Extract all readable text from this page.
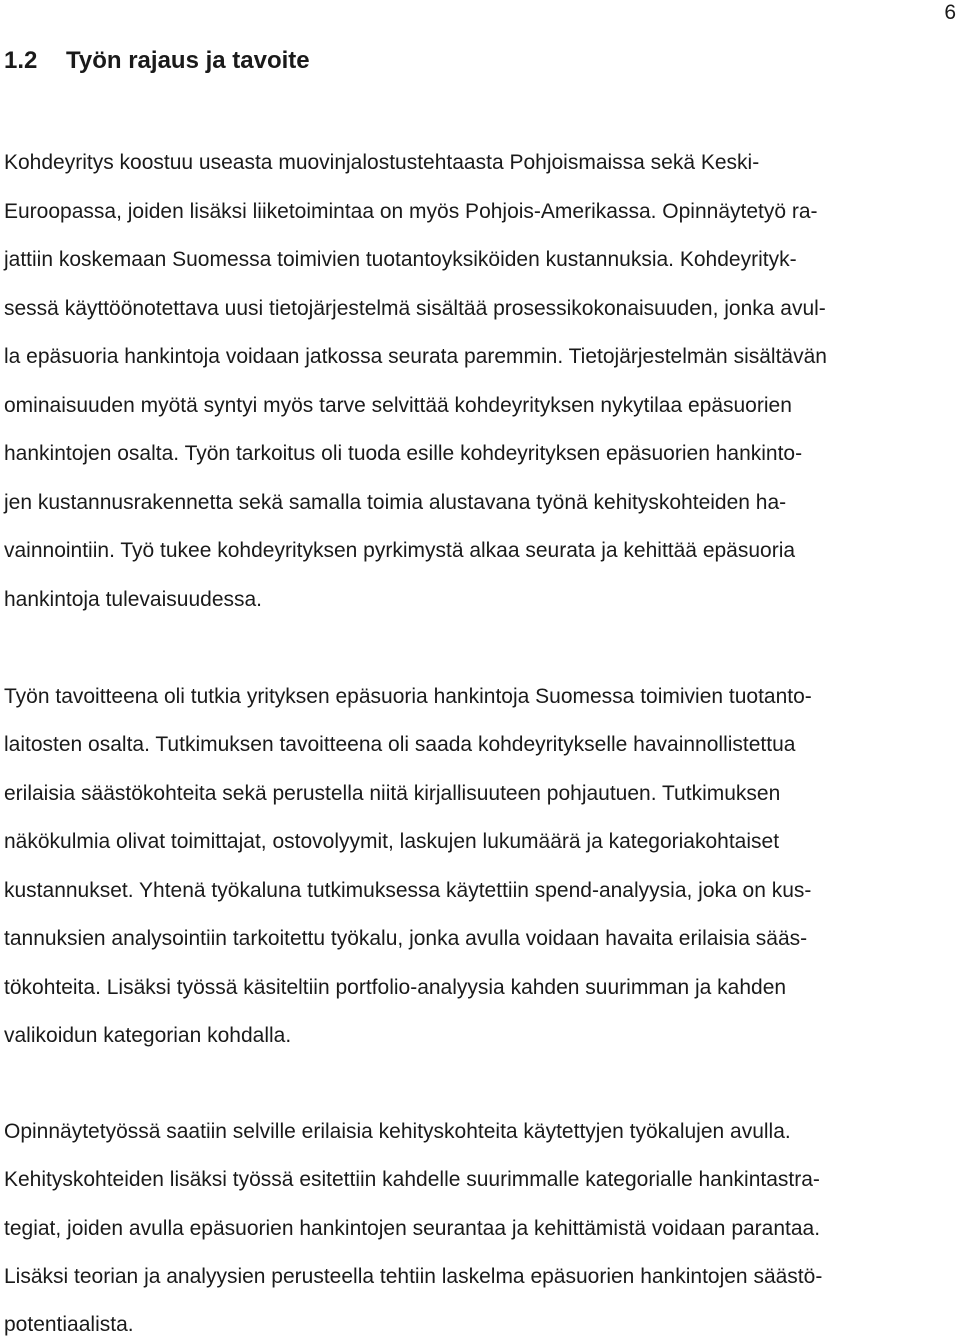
6
1.2 Työn rajaus ja tavoite
Kohdeyritys koostuu useasta muovinjalostustehtaasta Pohjoismaissa sekä Keski-
Euroopassa, joiden lisäksi liiketoimintaa on myös Pohjois-Amerikassa. Opinnäytetyö ra-
jattiin koskemaan Suomessa toimivien tuotantoyksiköiden kustannuksia. Kohdeyrityk-
sessä käyttöönotettava uusi tietojärjestelmä sisältää prosessikokonaisuuden, jonka avul-
la epäsuoria hankintoja voidaan jatkossa seurata paremmin. Tietojärjestelmän sisältävän
ominaisuuden myötä syntyi myös tarve selvittää kohdeyrityksen nykytilaa epäsuorien
hankintojen osalta. Työn tarkoitus oli tuoda esille kohdeyrityksen epäsuorien hankinto-
jen kustannusrakennetta sekä samalla toimia alustavana työnä kehityskohteiden ha-
vainnointiin. Työ tukee kohdeyrityksen pyrkimystä alkaa seurata ja kehittää epäsuoria
hankintoja tulevaisuudessa.
Työn tavoitteena oli tutkia yrityksen epäsuoria hankintoja Suomessa toimivien tuotanto-
laitosten osalta. Tutkimuksen tavoitteena oli saada kohdeyritykselle havainnollistettua
erilaisia säästökohteita sekä perustella niitä kirjallisuuteen pohjautuen. Tutkimuksen
näkökulmia olivat toimittajat, ostovolyymit, laskujen lukumäärä ja kategoriakohtaiset
kustannukset. Yhtenä työkaluna tutkimuksessa käytettiin spend-analyysia, joka on kus-
tannuksien analysointiin tarkoitettu työkalu, jonka avulla voidaan havaita erilaisia sääs-
tökohteita. Lisäksi työssä käsiteltiin portfolio-analyysia kahden suurimman ja kahden
valikoidun kategorian kohdalla.
Opinnäytetyössä saatiin selville erilaisia kehityskohteita käytettyjen työkalujen avulla.
Kehityskohteiden lisäksi työssä esitettiin kahdelle suurimmalle kategorialle hankintastra-
tegiat, joiden avulla epäsuorien hankintojen seurantaa ja kehittämistä voidaan parantaa.
Lisäksi teorian ja analyysien perusteella tehtiin laskelma epäsuorien hankintojen säästö-
potentiaalista.
